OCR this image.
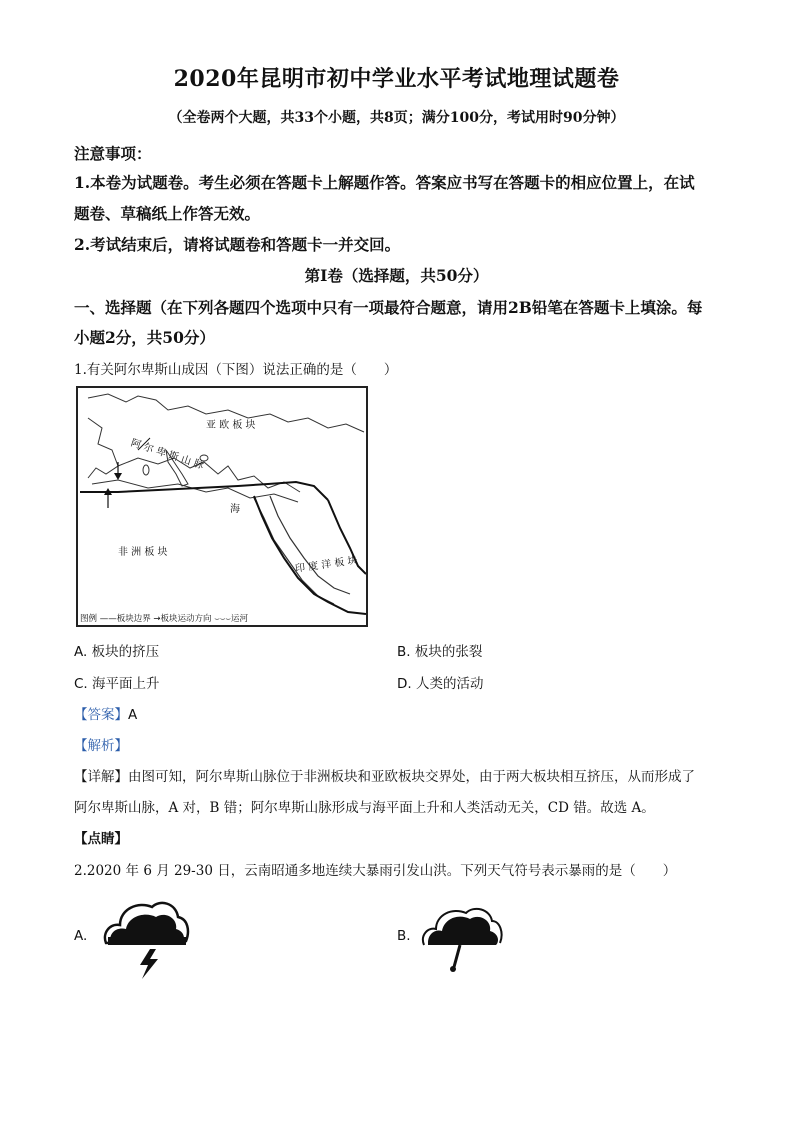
2020年昆明市初中学业水平考试地理试题卷
（全卷两个大题，共33个小题，共8页；满分100分，考试用时90分钟）
注意事项：
1.本卷为试题卷。考生必须在答题卡上解题作答。答案应书写在答题卡的相应位置上，在试
题卷、草稿纸上作答无效。
2.考试结束后，请将试题卷和答题卡一并交回。
第Ⅰ卷（选择题，共50分）
一、选择题（在下列各题四个选项中只有一项最符合题意，请用2B铅笔在答题卡上填涂。每
小题2分，共50分）
1.有关阿尔卑斯山成因（下图）说法正确的是（　　）
亚 欧 板 块
阿 尔 卑 斯 山 脉
海
非 洲 板 块
印 度 洋 板 块
图例 ——板块边界 →板块运动方向 ⌣⌣⌣运河
A. 板块的挤压	B. 板块的张裂
C. 海平面上升	D. 人类的活动
【答案】A
【解析】
【详解】由图可知，阿尔卑斯山脉位于非洲板块和亚欧板块交界处，由于两大板块相互挤压，从而形成了
阿尔卑斯山脉，A 对，B 错；阿尔卑斯山脉形成与海平面上升和人类活动无关，CD 错。故选 A。
【点睛】
2.2020 年 6 月 29-30 日，云南昭通多地连续大暴雨引发山洪。下列天气符号表示暴雨的是（　　）
A.	B.
